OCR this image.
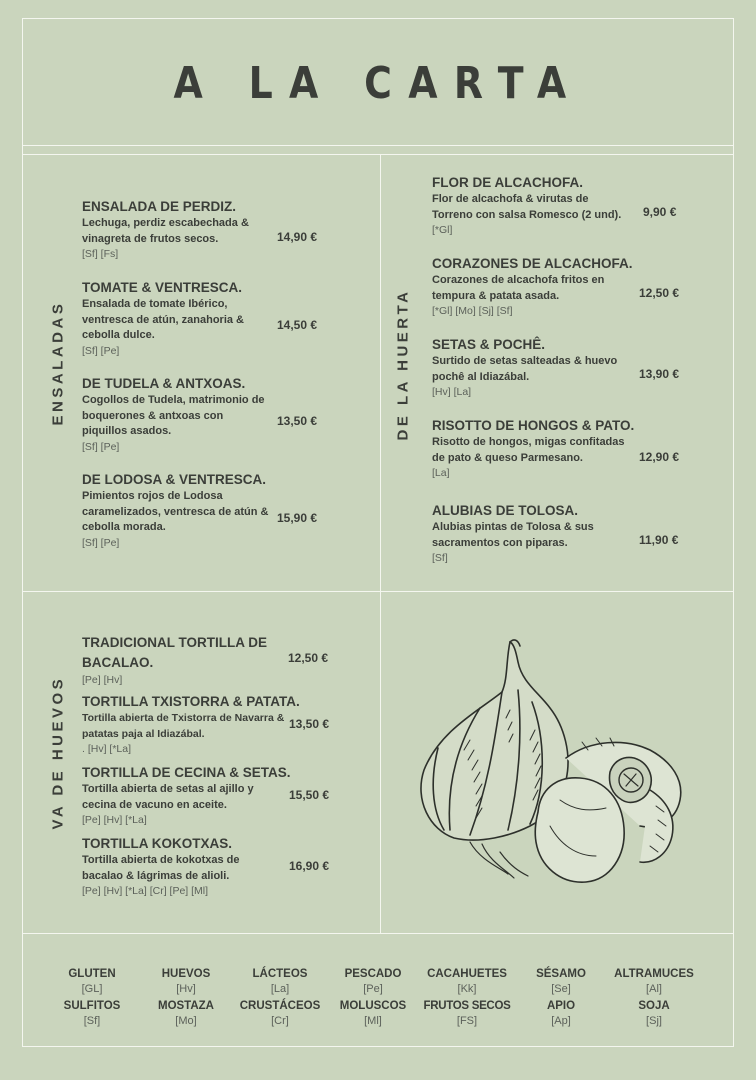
A LA CARTA
ENSALADAS	DE LA HUERTA
VA DE HUEVOS
ENSALADA DE PERDIZ.
Lechuga, perdiz escabechada &
vinagreta de frutos secos.
[Sf] [Fs]
14,90 €
TOMATE & VENTRESCA.
Ensalada de tomate Ibérico,
ventresca de atún, zanahoria &
cebolla dulce.
[Sf] [Pe]
14,50 €
DE TUDELA & ANTXOAS.
Cogollos de Tudela, matrimonio de
boquerones & antxoas con
piquillos asados.
[Sf] [Pe]
13,50 €
DE LODOSA & VENTRESCA.
Pimientos rojos de Lodosa
caramelizados, ventresca de atún &
cebolla morada.
[Sf] [Pe]
15,90 €
FLOR DE ALCACHOFA.
Flor de alcachofa & virutas de
Torreno con salsa Romesco (2 und).
[*Gl]
9,90 €
CORAZONES DE ALCACHOFA.
Corazones de alcachofa fritos en
tempura & patata asada.
[*Gl] [Mo] [Sj] [Sf]
12,50 €
SETAS & POCHÊ.
Surtido de setas salteadas & huevo
pochê al Idiazábal.
[Hv] [La]
13,90 €
RISOTTO DE HONGOS & PATO.
Risotto de hongos, migas confitadas
de pato & queso Parmesano.
[La]
12,90 €
ALUBIAS DE TOLOSA.
Alubias pintas de Tolosa & sus
sacramentos con piparas.
[Sf]
11,90 €
TRADICIONAL TORTILLA DE
BACALAO.
[Pe] [Hv]
12,50 €
TORTILLA TXISTORRA & PATATA.
Tortilla abierta de Txistorra de Navarra &
patatas paja al Idiazábal.
. [Hv] [*La]
13,50 €
TORTILLA DE CECINA & SETAS.
Tortilla abierta de setas al ajillo y
cecina de vacuno en aceite.
[Pe] [Hv] [*La]
15,50 €
TORTILLA KOKOTXAS.
Tortilla abierta de kokotxas de
bacalao & lágrimas de alioli.
[Pe] [Hv] [*La] [Cr] [Pe] [Ml]
16,90 €
GLUTEN
[GL]
HUEVOS
[Hv]
LÁCTEOS
[La]
PESCADO
[Pe]
CACAHUETES
[Kk]
SÉSAMO
[Se]
ALTRAMUCES
[Al]
SULFITOS
[Sf]
MOSTAZA
[Mo]
CRUSTÁCEOS
[Cr]
MOLUSCOS
[Ml]
FRUTOS SECOS
[FS]
APIO
[Ap]
SOJA
[Sj]
